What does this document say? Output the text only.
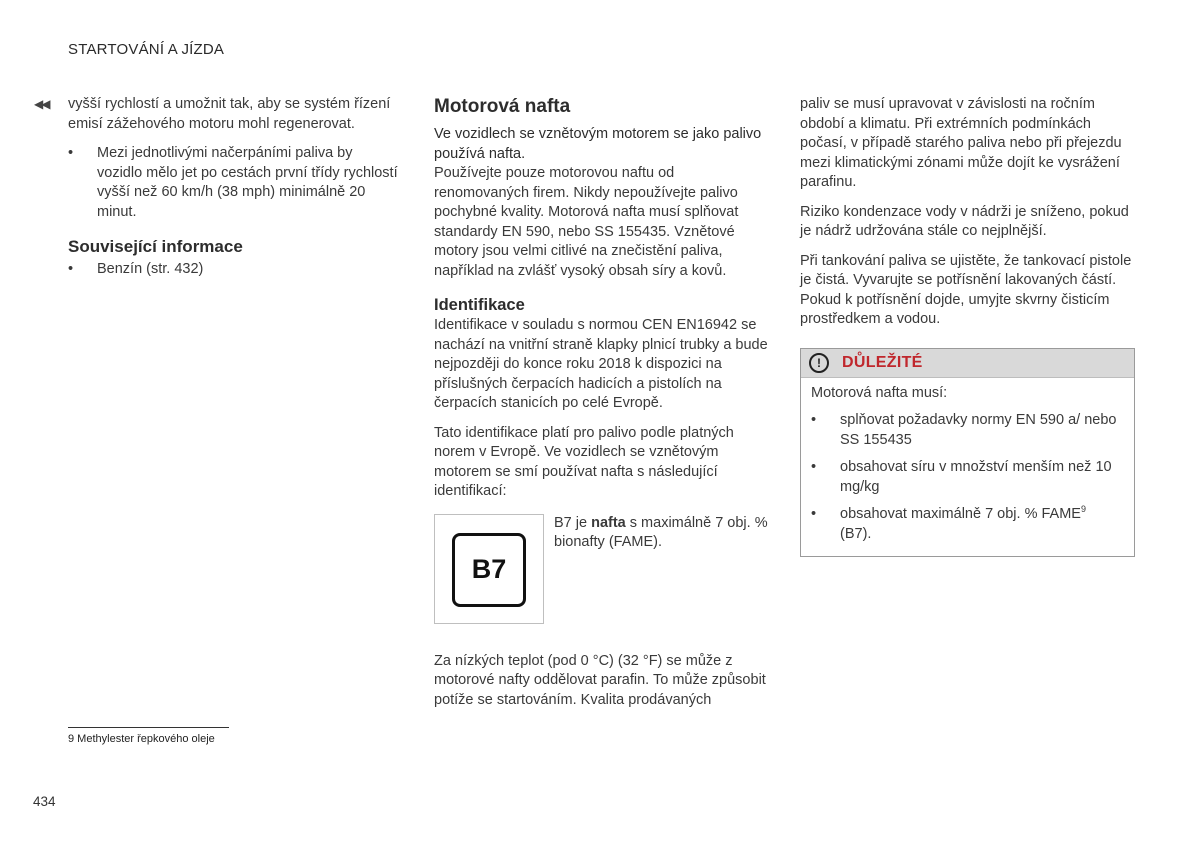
STARTOVÁNÍ A JÍZDA
◀◀ vyšší rychlostí a umožnit tak, aby se systém řízení emisí zážehového motoru mohl regenerovat.

• Mezi jednotlivými načerpáními paliva by vozidlo mělo jet po cestách první třídy rychlostí vyšší než 60 km/h (38 mph) minimálně 20 minut.
Související informace
• Benzín (str. 432)
Motorová nafta

Ve vozidlech se vznětovým motorem se jako palivo používá nafta.

Používejte pouze motorovou naftu od renomovaných firem. Nikdy nepoužívejte palivo pochybné kvality. Motorová nafta musí splňovat standardy EN 590, nebo SS 155435. Vznětové motory jsou velmi citlivé na znečistění paliva, například na zvlášť vysoký obsah síry a kovů.

Identifikace

Identifikace v souladu s normou CEN EN16942 se nachází na vnitřní straně klapky plnicí trubky a bude nejpozději do konce roku 2018 k dispozici na příslušných čerpacích hadicích a pistolích na čerpacích stanicích po celé Evropě.

Tato identifikace platí pro palivo podle platných norem v Evropě. Ve vozidlech se vznětovým motorem se smí používat nafta s následující identifikací:

B7
B7 je nafta s maximálně 7 obj. % bionafty (FAME).

Za nízkých teplot (pod 0 °C) (32 °F) se může z motorové nafty oddělovat parafin. To může způsobit potíže se startováním. Kvalita prodávaných

paliv se musí upravovat v závislosti na ročním období a klimatu. Při extrémních podmínkách počasí, v případě starého paliva nebo při přejezdu mezi klimatickými zónami může dojít ke vysrážení parafinu.

Riziko kondenzace vody v nádrži je sníženo, pokud je nádrž udržována stále co nejplnější.

Při tankování paliva se ujistěte, že tankovací pistole je čistá. Vyvarujte se potřísnění lakovaných částí. Pokud k potřísnění dojde, umyjte skvrny čisticím prostředkem a vodou.

!	DŮLEŽITÉ

Motorová nafta musí:

• splňovat požadavky normy EN 590 a/ nebo SS 155435
• obsahovat síru v množství menším než 10 mg/kg
• obsahovat maximálně 7 obj. % FAME$^9$
(B7).
9 Methylester řepkového oleje
434
